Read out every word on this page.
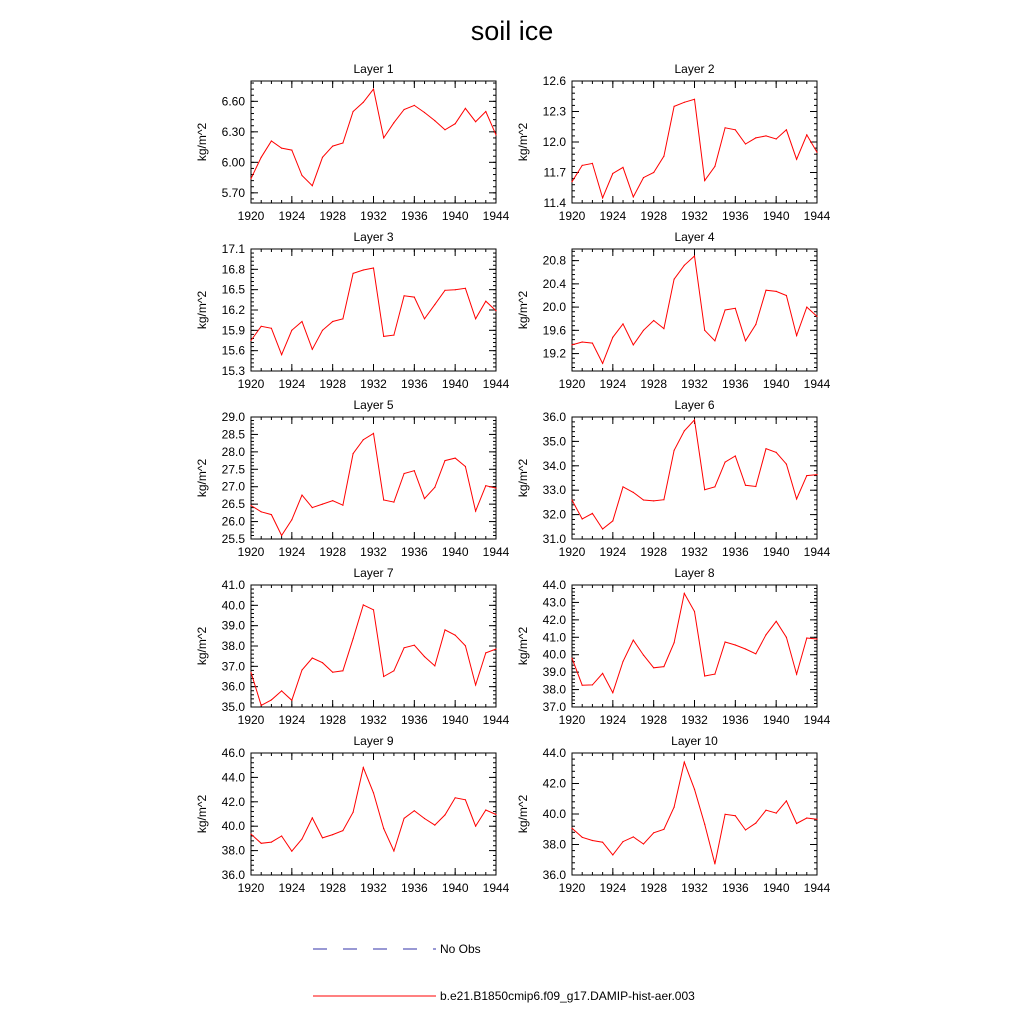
soil ice
Layer 1
kg/m^2
1920 1924 1928 1932 1936 1940 1944
5.70
6.00
6.30
6.60
Layer 2
kg/m^2
1920 1924 1928 1932 1936 1940 1944
11.4
11.7
12.0
12.3
12.6
Layer 3
kg/m^2
1920 1924 1928 1932 1936 1940 1944
15.3
15.6
15.9
16.2
16.5
16.8
17.1
Layer 4
kg/m^2
1920 1924 1928 1932 1936 1940 1944
19.2
19.6
20.0
20.4
20.8
Layer 5
kg/m^2
1920 1924 1928 1932 1936 1940 1944
25.5
26.0
26.5
27.0
27.5
28.0
28.5
29.0
Layer 6
kg/m^2
1920 1924 1928 1932 1936 1940 1944
31.0
32.0
33.0
34.0
35.0
36.0
Layer 7
kg/m^2
1920 1924 1928 1932 1936 1940 1944
35.0
36.0
37.0
38.0
39.0
40.0
41.0
Layer 8
kg/m^2
1920 1924 1928 1932 1936 1940 1944
37.0
38.0
39.0
40.0
41.0
42.0
43.0
44.0
Layer 9
kg/m^2
1920 1924 1928 1932 1936 1940 1944
36.0
38.0
40.0
42.0
44.0
46.0
Layer 10
kg/m^2
1920 1924 1928 1932 1936 1940 1944
36.0
38.0
40.0
42.0
44.0
No Obs
b.e21.B1850cmip6.f09_g17.DAMIP-hist-aer.003
